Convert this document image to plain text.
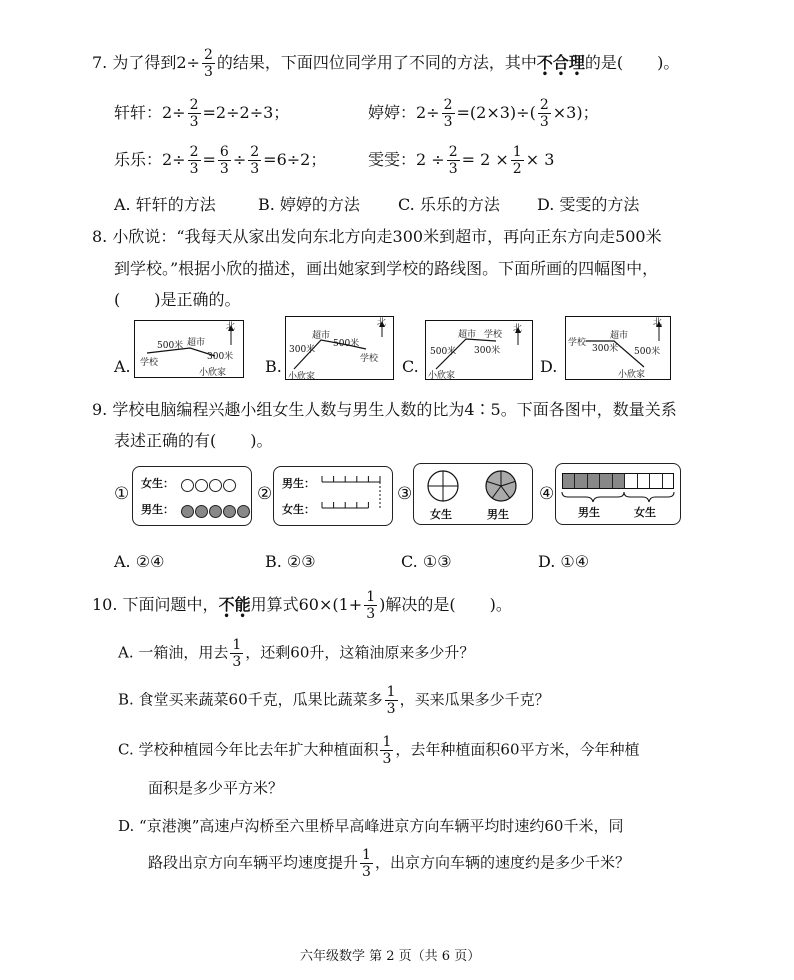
7. 为了得到$2\div \frac{2}{3}$ 的结果，下面四位同学用了不同的方法，其中不合理
• • •
的是( )。
轩轩：$2\div \frac{2}{3} =2\div 2\div 3$；	婷婷：$2\div \frac{2}{3} =(2\times 3)\div( \frac{2}{3} \times 3)$；
乐乐：$2\div \frac{2}{3} = \frac{6}{3} \div \frac{2}{3} =6\div 2$；	雯雯：$2 \div \frac{2}{3} = 2 \times \frac{1}{2} \times 3$
A. 轩轩的方法	B. 婷婷的方法 C. 乐乐的方法 D. 雯雯的方法
8. 小欣说：“我每天从家出发向东北方向走300米到超市，再向正东方向走500米
到学校。”根据小欣的描述，画出她家到学校的路线图。下面所画的四幅图中，
( )是正确的。
A.
北
500米 超市
学校
300米
小欣家 B.
北
超市
500米
300米
学校
小欣家
C.
北
超市 学校
500米 300米
小欣家	D.
北
超市
学校
300米 500米
小欣家
9. 学校电脑编程兴趣小组女生人数与男生人数的比为4∶5。下面各图中，数量关系
表述正确的有( )。
①
女生：
男生：
②
男生：
女生：
③
女生	男生
④
男生	女生
A. ②④	B. ②③	C. ①③	D. ①④
10. 下面问题中，不能
• •
用算式$60\times(1+ \frac{1}{3}$ )解决的是( )。
A. 一箱油，用去 $\frac{1}{3}$ ，还剩60升，这箱油原来多少升？
B. 食堂买来蔬菜60千克，瓜果比蔬菜多 $\frac{1}{3}$ ，买来瓜果多少千克？
C. 学校种植园今年比去年扩大种植面积 $\frac{1}{3}$ ，去年种植面积60平方米，今年种植
面积是多少平方米？
D. “京港澳”高速卢沟桥至六里桥早高峰进京方向车辆平均时速约60千米，同
路段出京方向车辆平均速度提升 $\frac{1}{3}$ ，出京方向车辆的速度约是多少千米？
六年级数学 第 2 页（共 6 页）
